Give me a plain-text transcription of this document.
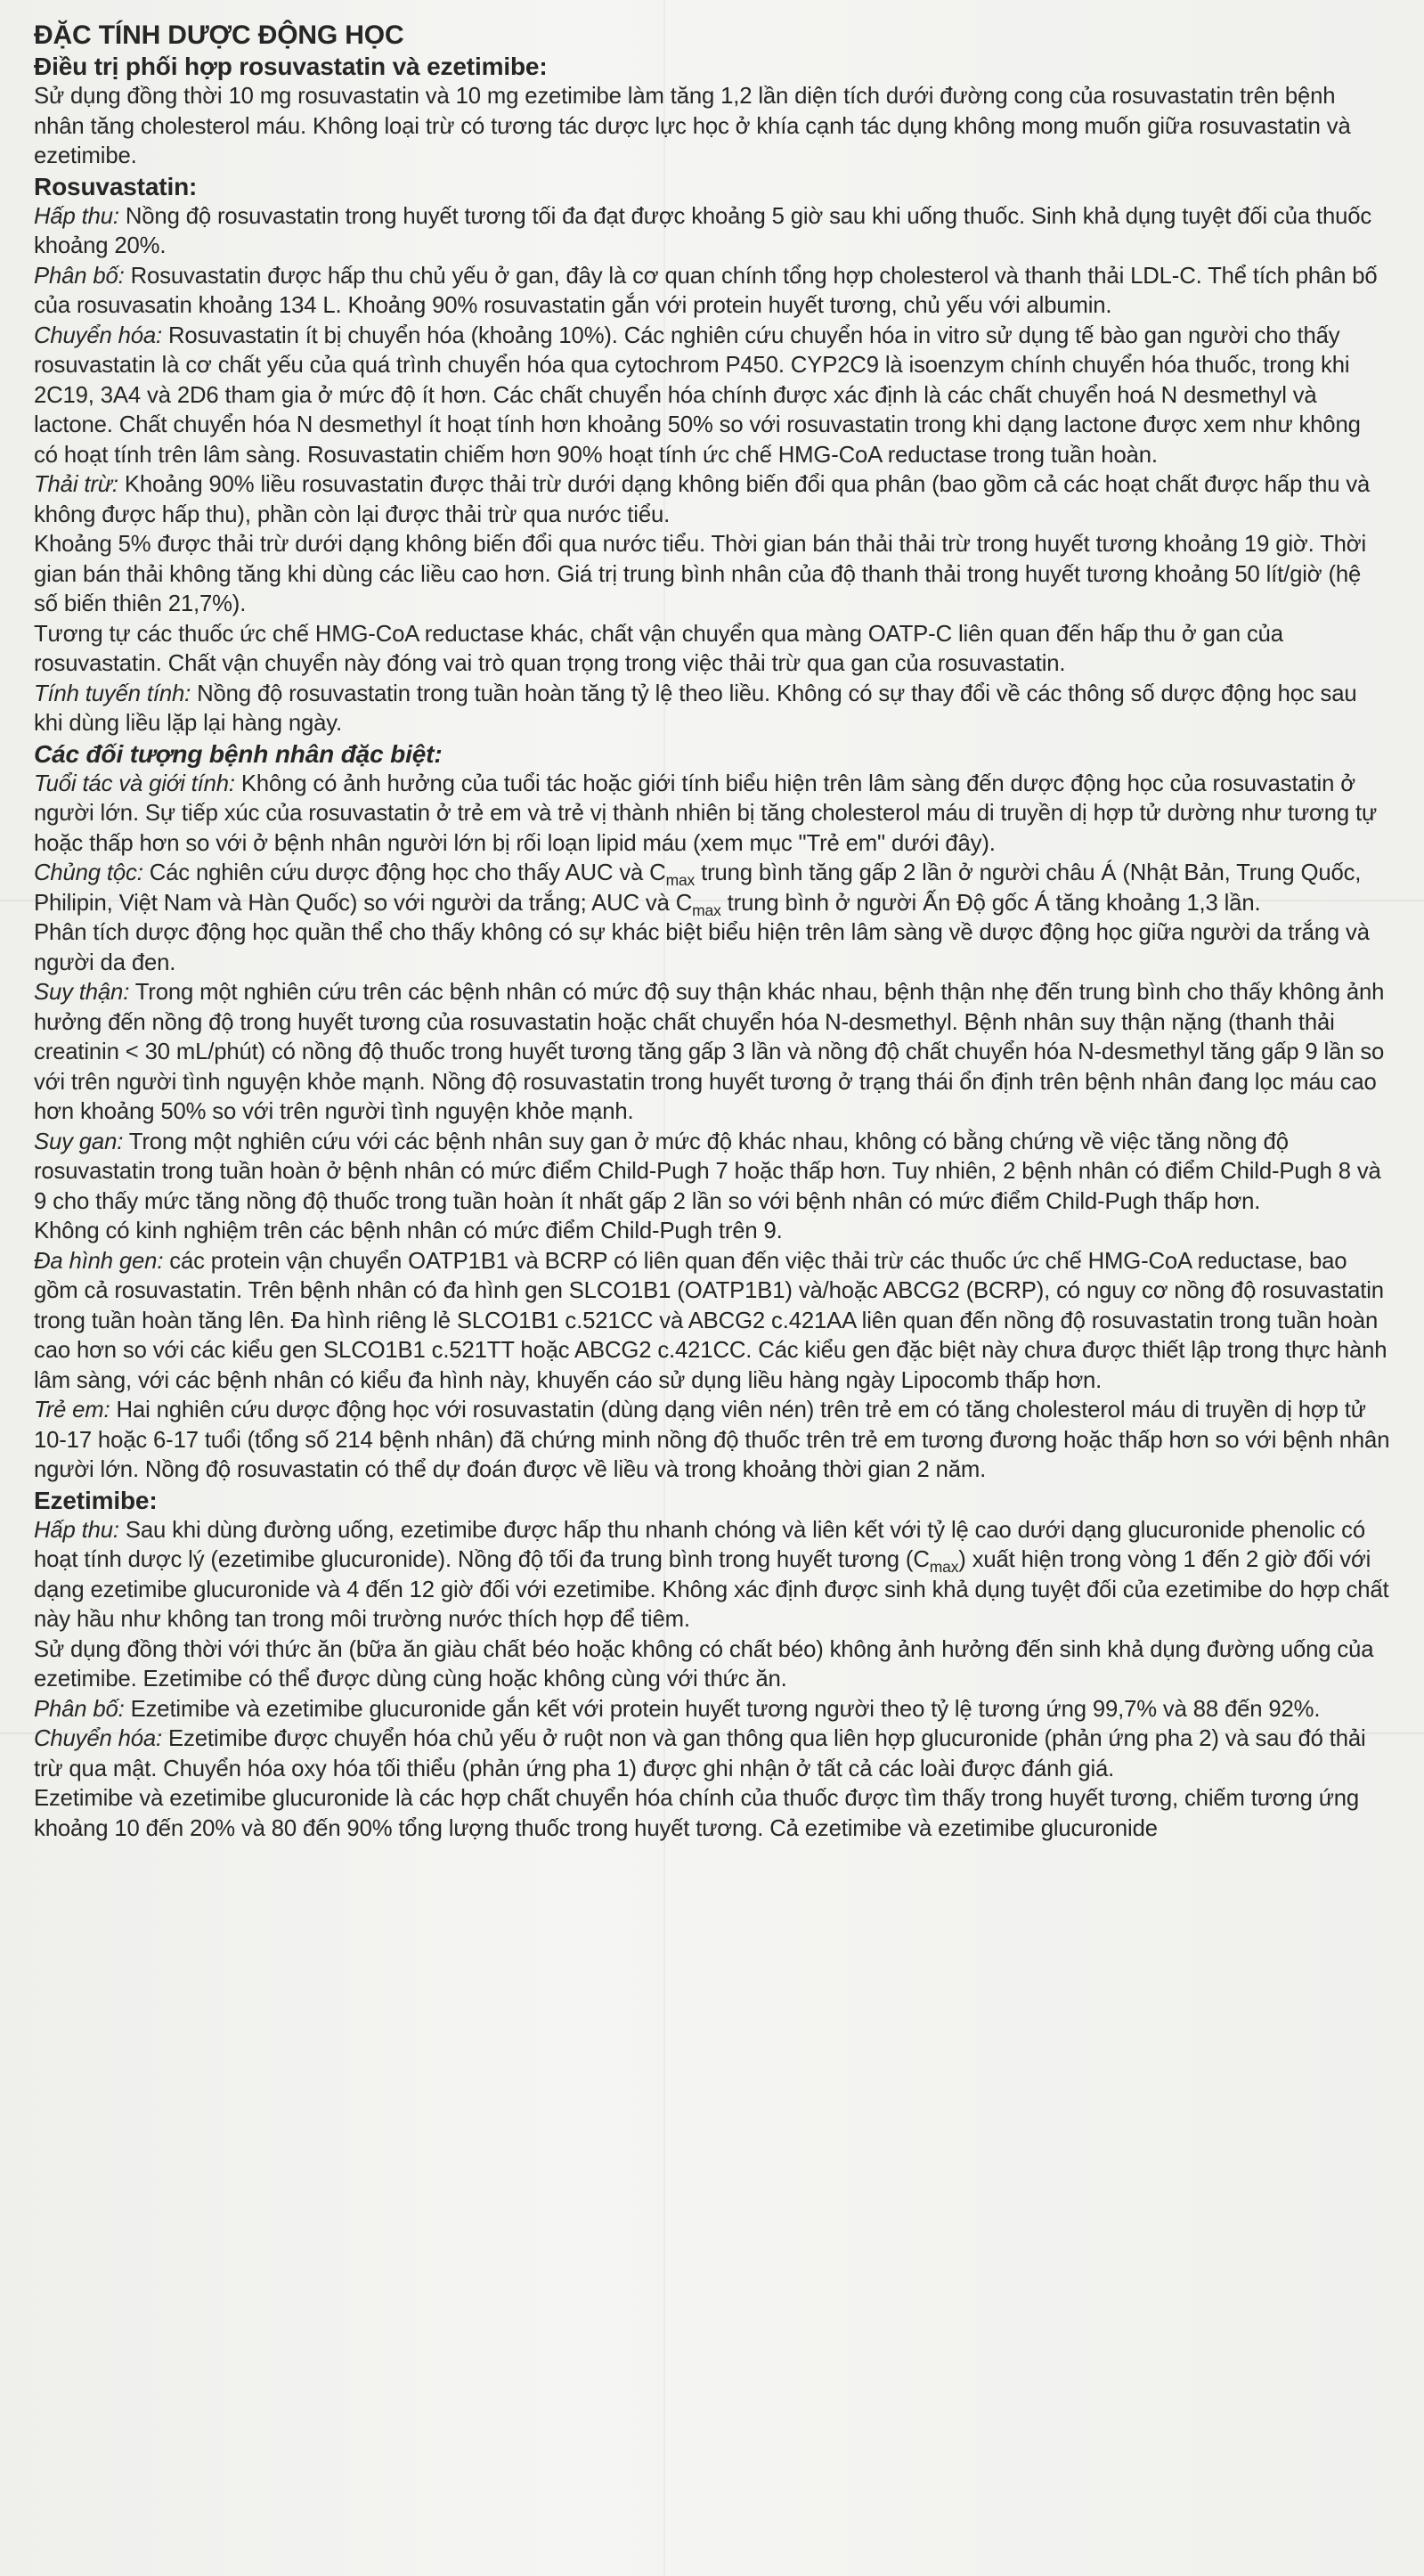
ĐẶC TÍNH DƯỢC ĐỘNG HỌC
Điều trị phối hợp rosuvastatin và ezetimibe:
Sử dụng đồng thời 10 mg rosuvastatin và 10 mg ezetimibe làm tăng 1,2 lần diện tích dưới đường cong của rosuvastatin trên bệnh nhân tăng cholesterol máu. Không loại trừ có tương tác dược lực học ở khía cạnh tác dụng không mong muốn giữa rosuvastatin và ezetimibe.
Rosuvastatin:
Hấp thu: Nồng độ rosuvastatin trong huyết tương tối đa đạt được khoảng 5 giờ sau khi uống thuốc. Sinh khả dụng tuyệt đối của thuốc khoảng 20%.
Phân bố: Rosuvastatin được hấp thu chủ yếu ở gan, đây là cơ quan chính tổng hợp cholesterol và thanh thải LDL-C. Thể tích phân bố của rosuvasatin khoảng 134 L. Khoảng 90% rosuvastatin gắn với protein huyết tương, chủ yếu với albumin.
Chuyển hóa: Rosuvastatin ít bị chuyển hóa (khoảng 10%). Các nghiên cứu chuyển hóa in vitro sử dụng tế bào gan người cho thấy rosuvastatin là cơ chất yếu của quá trình chuyển hóa qua cytochrom P450. CYP2C9 là isoenzym chính chuyển hóa thuốc, trong khi 2C19, 3A4 và 2D6 tham gia ở mức độ ít hơn. Các chất chuyển hóa chính được xác định là các chất chuyển hoá N desmethyl và lactone. Chất chuyển hóa N desmethyl ít hoạt tính hơn khoảng 50% so với rosuvastatin trong khi dạng lactone được xem như không có hoạt tính trên lâm sàng. Rosuvastatin chiếm hơn 90% hoạt tính ức chế HMG-CoA reductase trong tuần hoàn.
Thải trừ: Khoảng 90% liều rosuvastatin được thải trừ dưới dạng không biến đổi qua phân (bao gồm cả các hoạt chất được hấp thu và không được hấp thu), phần còn lại được thải trừ qua nước tiểu.
Khoảng 5% được thải trừ dưới dạng không biến đổi qua nước tiểu. Thời gian bán thải thải trừ trong huyết tương khoảng 19 giờ. Thời gian bán thải không tăng khi dùng các liều cao hơn. Giá trị trung bình nhân của độ thanh thải trong huyết tương khoảng 50 lít/giờ (hệ số biến thiên 21,7%).
Tương tự các thuốc ức chế HMG-CoA reductase khác, chất vận chuyển qua màng OATP-C liên quan đến hấp thu ở gan của rosuvastatin. Chất vận chuyển này đóng vai trò quan trọng trong việc thải trừ qua gan của rosuvastatin.
Tính tuyến tính: Nồng độ rosuvastatin trong tuần hoàn tăng tỷ lệ theo liều. Không có sự thay đổi về các thông số dược động học sau khi dùng liều lặp lại hàng ngày.
Các đối tượng bệnh nhân đặc biệt:
Tuổi tác và giới tính: Không có ảnh hưởng của tuổi tác hoặc giới tính biểu hiện trên lâm sàng đến dược động học của rosuvastatin ở người lớn. Sự tiếp xúc của rosuvastatin ở trẻ em và trẻ vị thành nhiên bị tăng cholesterol máu di truyền dị hợp tử dường như tương tự hoặc thấp hơn so với ở bệnh nhân người lớn bị rối loạn lipid máu (xem mục "Trẻ em" dưới đây).
Chủng tộc: Các nghiên cứu dược động học cho thấy AUC và $C_{max}$ trung bình tăng gấp 2 lần ở người châu Á (Nhật Bản, Trung Quốc, Philipin, Việt Nam và Hàn Quốc) so với người da trắng; AUC và $C_{max}$ trung bình ở người Ấn Độ gốc Á tăng khoảng 1,3 lần.
Phân tích dược động học quần thể cho thấy không có sự khác biệt biểu hiện trên lâm sàng về dược động học giữa người da trắng và người da đen.
Suy thận: Trong một nghiên cứu trên các bệnh nhân có mức độ suy thận khác nhau, bệnh thận nhẹ đến trung bình cho thấy không ảnh hưởng đến nồng độ trong huyết tương của rosuvastatin hoặc chất chuyển hóa N-desmethyl. Bệnh nhân suy thận nặng (thanh thải creatinin < 30 mL/phút) có nồng độ thuốc trong huyết tương tăng gấp 3 lần và nồng độ chất chuyển hóa N-desmethyl tăng gấp 9 lần so với trên người tình nguyện khỏe mạnh. Nồng độ rosuvastatin trong huyết tương ở trạng thái ổn định trên bệnh nhân đang lọc máu cao hơn khoảng 50% so với trên người tình nguyện khỏe mạnh.
Suy gan: Trong một nghiên cứu với các bệnh nhân suy gan ở mức độ khác nhau, không có bằng chứng về việc tăng nồng độ rosuvastatin trong tuần hoàn ở bệnh nhân có mức điểm Child-Pugh 7 hoặc thấp hơn. Tuy nhiên, 2 bệnh nhân có điểm Child-Pugh 8 và 9 cho thấy mức tăng nồng độ thuốc trong tuần hoàn ít nhất gấp 2 lần so với bệnh nhân có mức điểm Child-Pugh thấp hơn.
Không có kinh nghiệm trên các bệnh nhân có mức điểm Child-Pugh trên 9.
Đa hình gen: các protein vận chuyển OATP1B1 và BCRP có liên quan đến việc thải trừ các thuốc ức chế HMG-CoA reductase, bao gồm cả rosuvastatin. Trên bệnh nhân có đa hình gen SLCO1B1 (OATP1B1) và/hoặc ABCG2 (BCRP), có nguy cơ nồng độ rosuvastatin trong tuần hoàn tăng lên. Đa hình riêng lẻ SLCO1B1 c.521CC và ABCG2 c.421AA liên quan đến nồng độ rosuvastatin trong tuần hoàn cao hơn so với các kiểu gen SLCO1B1 c.521TT hoặc ABCG2 c.421CC. Các kiểu gen đặc biệt này chưa được thiết lập trong thực hành lâm sàng, với các bệnh nhân có kiểu đa hình này, khuyến cáo sử dụng liều hàng ngày Lipocomb thấp hơn.
Trẻ em: Hai nghiên cứu dược động học với rosuvastatin (dùng dạng viên nén) trên trẻ em có tăng cholesterol máu di truyền dị hợp tử 10-17 hoặc 6-17 tuổi (tổng số 214 bệnh nhân) đã chứng minh nồng độ thuốc trên trẻ em tương đương hoặc thấp hơn so với bệnh nhân người lớn. Nồng độ rosuvastatin có thể dự đoán được về liều và trong khoảng thời gian 2 năm.
Ezetimibe:
Hấp thu: Sau khi dùng đường uống, ezetimibe được hấp thu nhanh chóng và liên kết với tỷ lệ cao dưới dạng glucuronide phenolic có hoạt tính dược lý (ezetimibe glucuronide). Nồng độ tối đa trung bình trong huyết tương $(C_{max})$ xuất hiện trong vòng 1 đến 2 giờ đối với dạng ezetimibe glucuronide và 4 đến 12 giờ đối với ezetimibe. Không xác định được sinh khả dụng tuyệt đối của ezetimibe do hợp chất này hầu như không tan trong môi trường nước thích hợp để tiêm.
Sử dụng đồng thời với thức ăn (bữa ăn giàu chất béo hoặc không có chất béo) không ảnh hưởng đến sinh khả dụng đường uống của ezetimibe. Ezetimibe có thể được dùng cùng hoặc không cùng với thức ăn.
Phân bố: Ezetimibe và ezetimibe glucuronide gắn kết với protein huyết tương người theo tỷ lệ tương ứng 99,7% và 88 đến 92%.
Chuyển hóa: Ezetimibe được chuyển hóa chủ yếu ở ruột non và gan thông qua liên hợp glucuronide (phản ứng pha 2) và sau đó thải trừ qua mật. Chuyển hóa oxy hóa tối thiểu (phản ứng pha 1) được ghi nhận ở tất cả các loài được đánh giá.
Ezetimibe và ezetimibe glucuronide là các hợp chất chuyển hóa chính của thuốc được tìm thấy trong huyết tương, chiếm tương ứng khoảng 10 đến 20% và 80 đến 90% tổng lượng thuốc trong huyết tương. Cả ezetimibe và ezetimibe glucuronide
